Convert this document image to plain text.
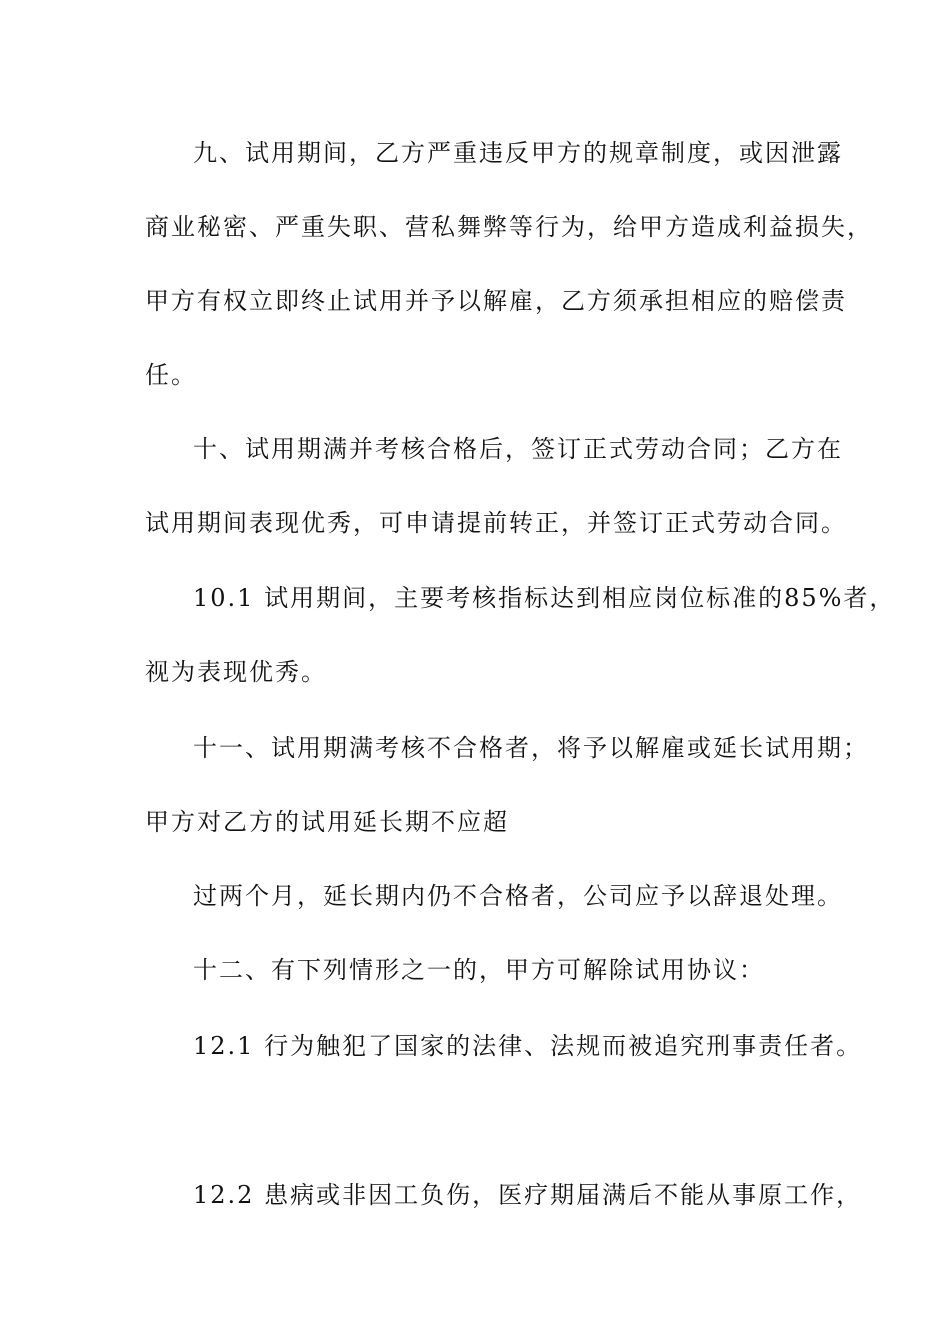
九、试用期间，乙方严重违反甲方的规章制度，或因泄露
商业秘密、严重失职、营私舞弊等行为，给甲方造成利益损失，
甲方有权立即终止试用并予以解雇，乙方须承担相应的赔偿责
任。
十、试用期满并考核合格后，签订正式劳动合同；乙方在
试用期间表现优秀，可申请提前转正，并签订正式劳动合同。
10.1 试用期间，主要考核指标达到相应岗位标准的85%者，
视为表现优秀。
十一、试用期满考核不合格者，将予以解雇或延长试用期；
甲方对乙方的试用延长期不应超
过两个月，延长期内仍不合格者，公司应予以辞退处理。
十二、有下列情形之一的，甲方可解除试用协议：
12.1 行为触犯了国家的法律、法规而被追究刑事责任者。
12.2 患病或非因工负伤，医疗期届满后不能从事原工作，
